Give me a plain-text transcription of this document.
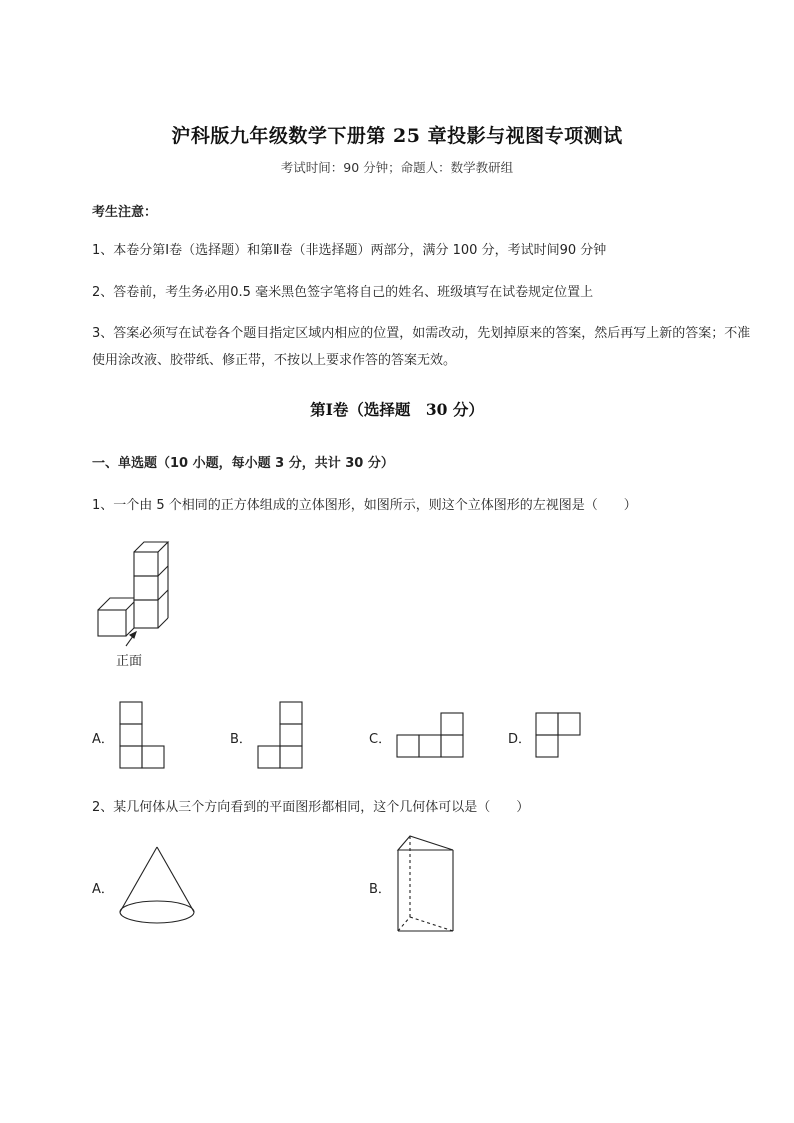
沪科版九年级数学下册第 25 章投影与视图专项测试
考试时间：90 分钟；命题人：数学教研组
考生注意：
1、本卷分第Ⅰ卷（选择题）和第Ⅱ卷（非选择题）两部分，满分 100 分，考试时间90 分钟
2、答卷前，考生务必用0.5 毫米黑色签字笔将自己的姓名、班级填写在试卷规定位置上
3、答案必须写在试卷各个题目指定区域内相应的位置，如需改动，先划掉原来的答案，然后再写上新的答案；不准使用涂改液、胶带纸、修正带，不按以上要求作答的答案无效。
第Ⅰ卷（选择题　30 分）
一、单选题（10 小题，每小题 3 分，共计 30 分）
1、一个由 5 个相同的正方体组成的立体图形，如图所示，则这个立体图形的左视图是（　　）
正面
A．	B．	C．	D．
2、某几何体从三个方向看到的平面图形都相同，这个几何体可以是（　　）
A．	B．
